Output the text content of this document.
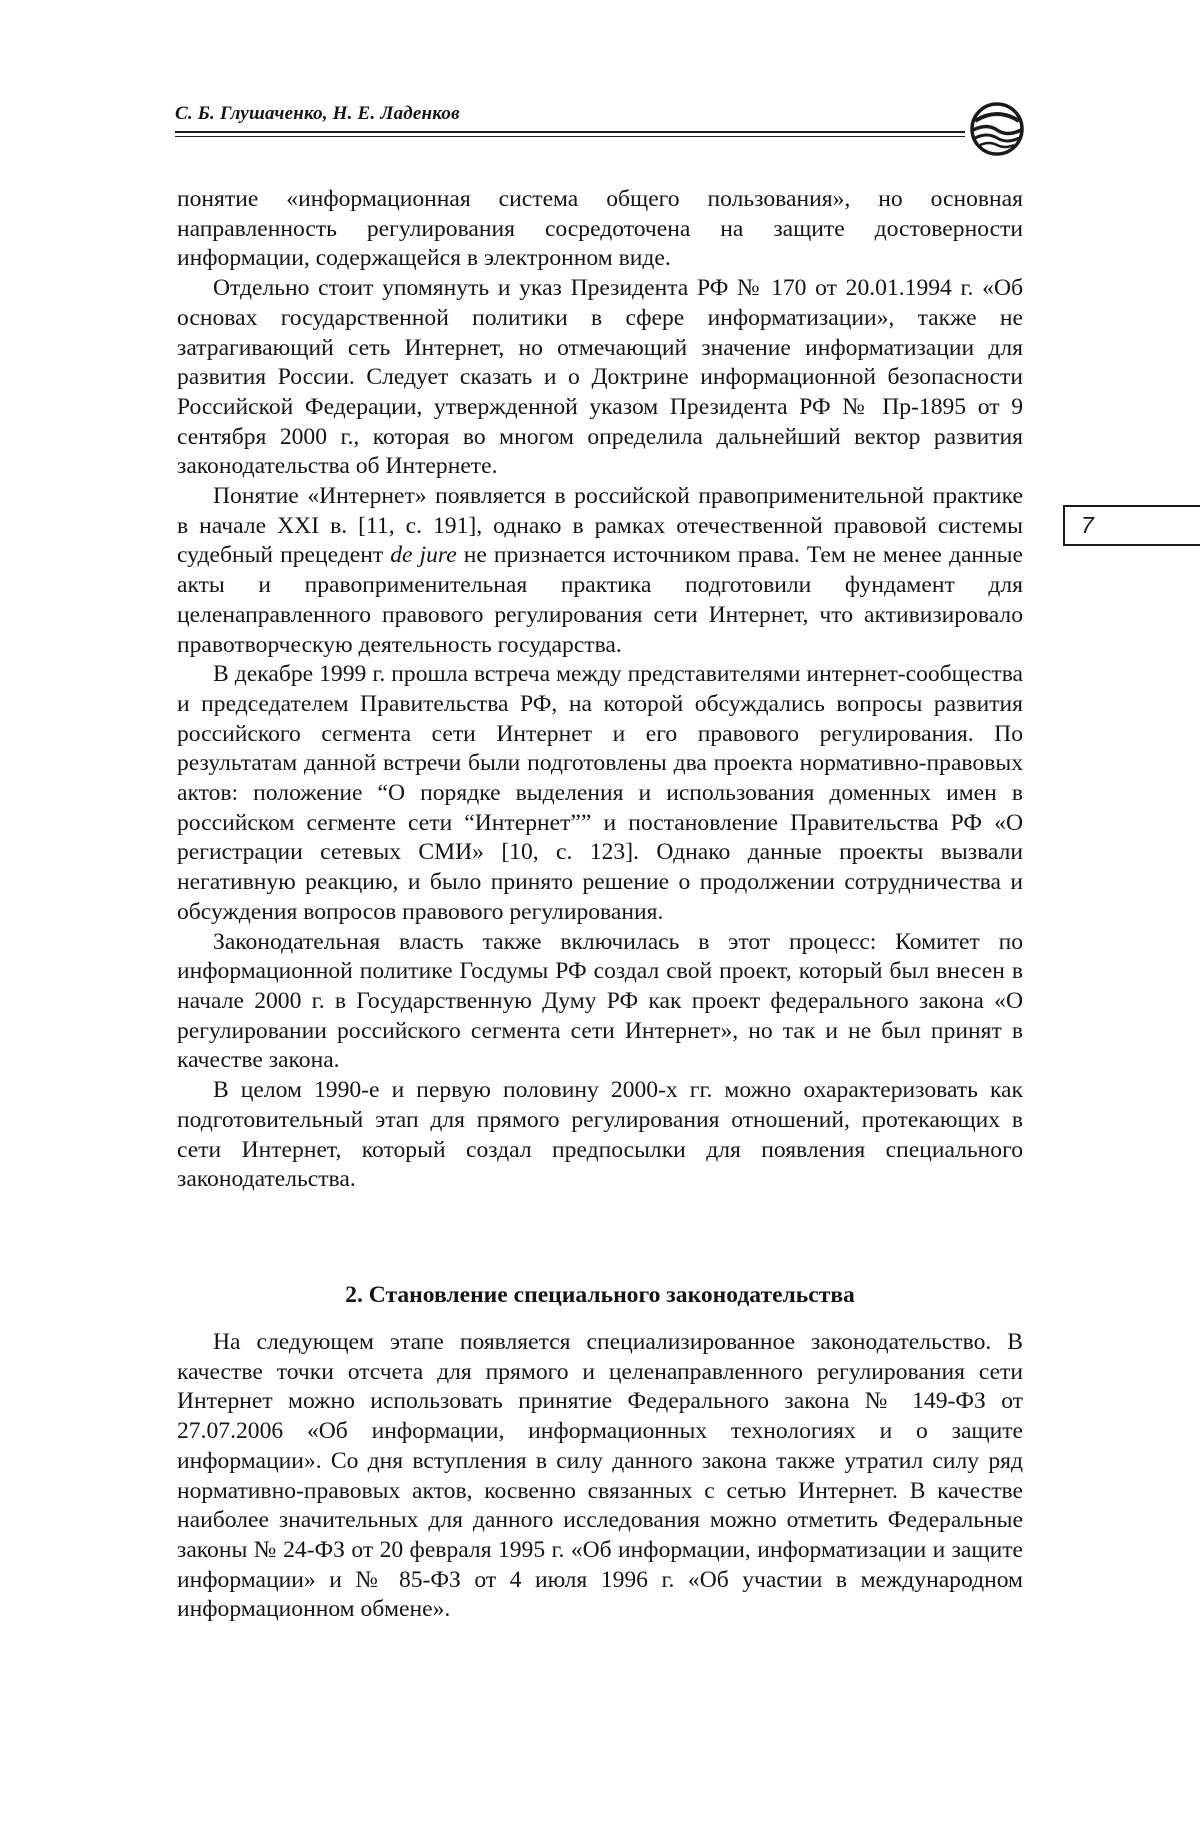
С. Б. Глушаченко, Н. Е. Ладенков
7

понятие «информационная система общего пользования», но основная направленность регулирования сосредоточена на защите достоверности информации, содержащейся в электронном виде.

Отдельно стоит упомянуть и указ Президента РФ № 170 от 20.01.1994 г. «Об основах государственной политики в сфере информатизации», также не затрагивающий сеть Интернет, но отмечающий значение информатизации для развития России. Следует сказать и о Доктрине информационной безопасности Российской Федерации, утвержденной указом Президента РФ № Пр-1895 от 9 сентября 2000 г., которая во многом определила дальнейший вектор развития законодательства об Интернете.

Понятие «Интернет» появляется в российской правоприменительной практике в начале XXI в. [11, с. 191], однако в рамках отечественной правовой системы судебный прецедент de jure не признается источником права. Тем не менее данные акты и правоприменительная практика подготовили фундамент для целенаправленного правового регулирования сети Интернет, что активизировало правотворческую деятельность государства.

В декабре 1999 г. прошла встреча между представителями интернет-сообщества и председателем Правительства РФ, на которой обсуждались вопросы развития российского сегмента сети Интернет и его правового регулирования. По результатам данной встречи были подготовлены два проекта нормативно-правовых актов: положение “О порядке выделения и использования доменных имен в российском сегменте сети “Интернет”” и постановление Правительства РФ «О регистрации сетевых СМИ» [10, с. 123]. Однако данные проекты вызвали негативную реакцию, и было принято решение о продолжении сотрудничества и обсуждения вопросов правового регулирования.

Законодательная власть также включилась в этот процесс: Комитет по информационной политике Госдумы РФ создал свой проект, который был внесен в начале 2000 г. в Государственную Думу РФ как проект федерального закона «О регулировании российского сегмента сети Интернет», но так и не был принят в качестве закона.

В целом 1990-е и первую половину 2000-х гг. можно охарактеризовать как подготовительный этап для прямого регулирования отношений, протекающих в сети Интернет, который создал предпосылки для появления специального законодательства.

2. Становление специального законодательства

На следующем этапе появляется специализированное законодательство. В качестве точки отсчета для прямого и целенаправленного регулирования сети Интернет можно использовать принятие Федерального закона № 149-ФЗ от 27.07.2006 «Об информации, информационных технологиях и о защите информации». Со дня вступления в силу данного закона также утратил силу ряд нормативно-правовых актов, косвенно связанных с сетью Интернет. В качестве наиболее значительных для данного исследования можно отметить Федеральные законы № 24-ФЗ от 20 февраля 1995 г. «Об информации, информатизации и защите информации» и № 85-ФЗ от 4 июля 1996 г. «Об участии в международном информационном обмене».
